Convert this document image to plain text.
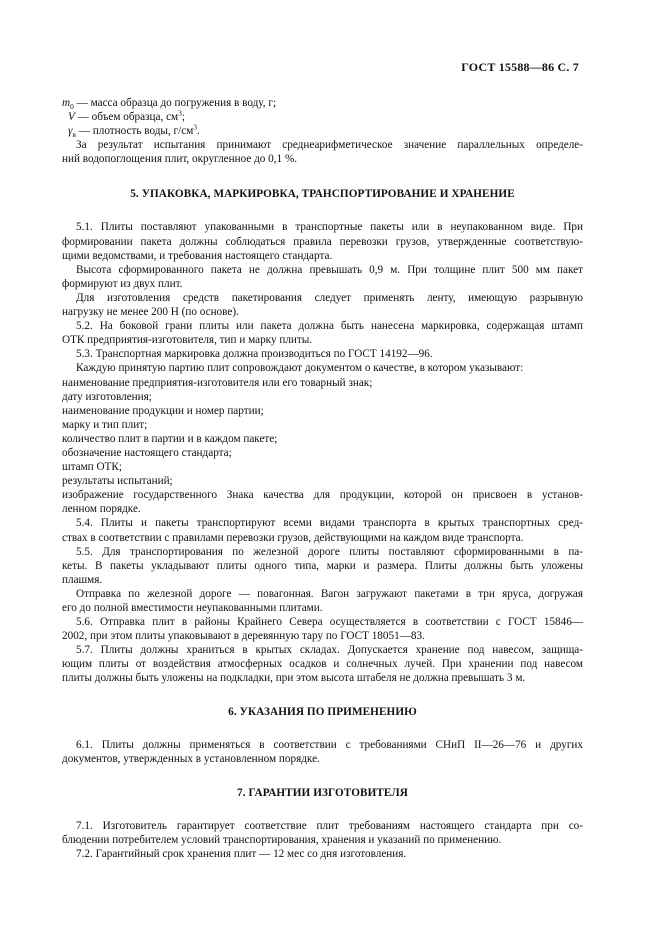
ГОСТ 15588—86 С. 7
$m_0$ — масса образца до погружения в воду, г;
V — объем образца, $см^3$;
$\gamma_в$ — плотность воды, $г/см^3$.
За результат испытания принимают среднеарифметическое значение параллельных определе-
ний водопоглощения плит, округленное до 0,1 %.
5. УПАКОВКА, МАРКИРОВКА, ТРАНСПОРТИРОВАНИЕ И ХРАНЕНИЕ
5.1. Плиты поставляют упакованными в транспортные пакеты или в неупакованном виде. При
формировании пакета должны соблюдаться правила перевозки грузов, утвержденные соответствую-
щими ведомствами, и требования настоящего стандарта.
Высота сформированного пакета не должна превышать 0,9 м. При толщине плит 500 мм пакет
формируют из двух плит.
Для изготовления средств пакетирования следует применять ленту, имеющую разрывную
нагрузку не менее 200 Н (по основе).
5.2. На боковой грани плиты или пакета должна быть нанесена маркировка, содержащая штамп
ОТК предприятия-изготовителя, тип и марку плиты.
5.3. Транспортная маркировка должна производиться по ГОСТ 14192—96.
Каждую принятую партию плит сопровождают документом о качестве, в котором указывают:
наименование предприятия-изготовителя или его товарный знак;
дату изготовления;
наименование продукции и номер партии;
марку и тип плит;
количество плит в партии и в каждом пакете;
обозначение настоящего стандарта;
штамп ОТК;
результаты испытаний;
изображение государственного Знака качества для продукции, которой он присвоен в установ-
ленном порядке.
5.4. Плиты и пакеты транспортируют всеми видами транспорта в крытых транспортных сред-
ствах в соответствии с правилами перевозки грузов, действующими на каждом виде транспорта.
5.5. Для транспортирования по железной дороге плиты поставляют сформированными в па-
кеты. В пакеты укладывают плиты одного типа, марки и размера. Плиты должны быть уложены
плашмя.
Отправка по железной дороге — повагонная. Вагон загружают пакетами в три яруса, догружая
его до полной вместимости неупакованными плитами.
5.6. Отправка плит в районы Крайнего Севера осуществляется в соответствии с ГОСТ 15846—
2002, при этом плиты упаковывают в деревянную тару по ГОСТ 18051—83.
5.7. Плиты должны храниться в крытых складах. Допускается хранение под навесом, защища-
ющим плиты от воздействия атмосферных осадков и солнечных лучей. При хранении под навесом
плиты должны быть уложены на подкладки, при этом высота штабеля не должна превышать 3 м.
6. УКАЗАНИЯ ПО ПРИМЕНЕНИЮ
6.1. Плиты должны применяться в соответствии с требованиями СНиП II—26—76 и других
документов, утвержденных в установленном порядке.
7. ГАРАНТИИ ИЗГОТОВИТЕЛЯ
7.1. Изготовитель гарантирует соответствие плит требованиям настоящего стандарта при со-
блюдении потребителем условий транспортирования, хранения и указаний по применению.
7.2. Гарантийный срок хранения плит — 12 мес со дня изготовления.
